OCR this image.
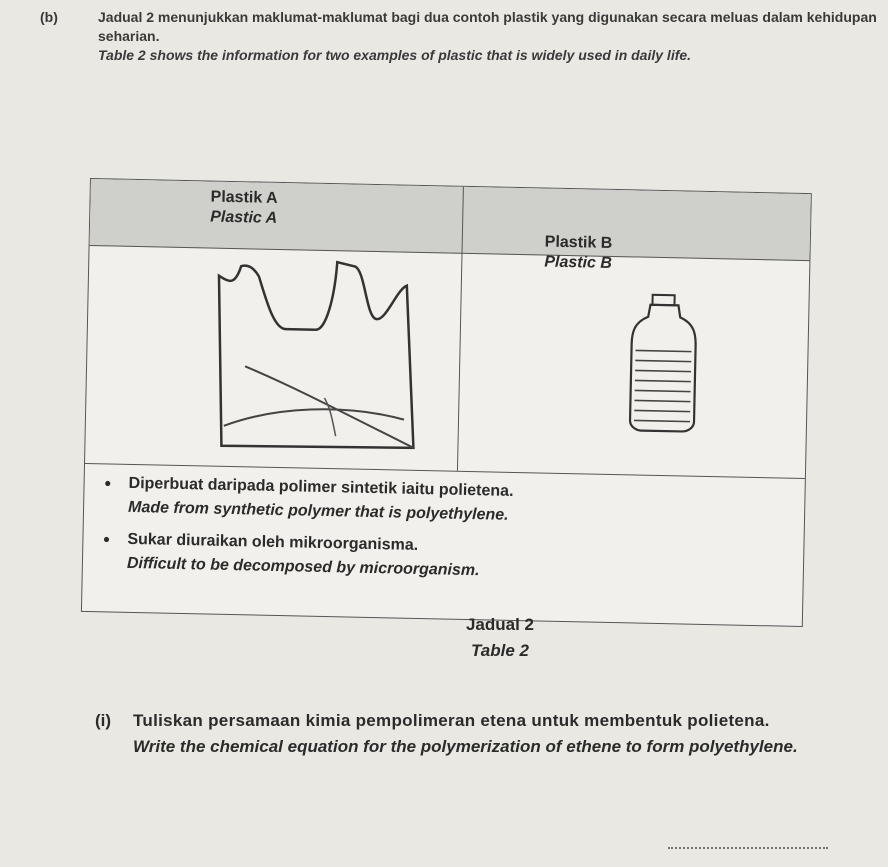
(b)	Jadual 2 menunjukkan maklumat-maklumat bagi dua contoh plastik yang digunakan secara meluas dalam kehidupan seharian.
Table 2 shows the information for two examples of plastic that is widely used in daily life.
Plastik A
Plastic A
Plastik B
Plastic B
• Diperbuat daripada polimer sintetik iaitu polietena.
Made from synthetic polymer that is polyethylene.
• Sukar diuraikan oleh mikroorganisma.
Difficult to be decomposed by microorganism.
Jadual 2
Table 2
(i) Tuliskan persamaan kimia pempolimeran etena untuk membentuk polietena.
Write the chemical equation for the polymerization of ethene to form polyethylene.
